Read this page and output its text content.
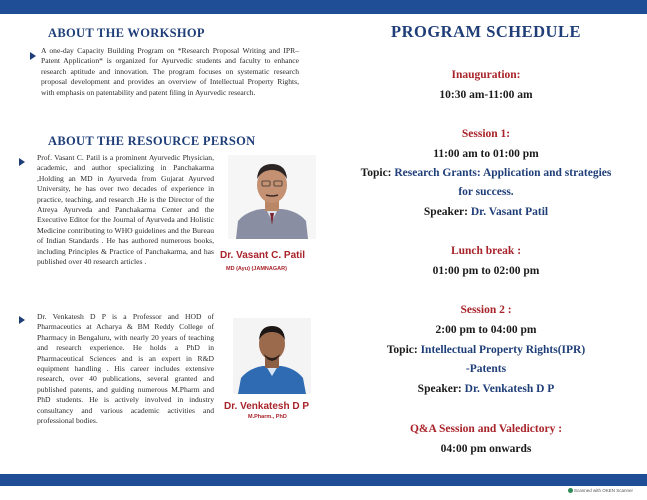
ABOUT THE WORKSHOP
A one-day Capacity Building Program on *Research Proposal Writing and IPR–Patent Application* is organized for Ayurvedic students and faculty to enhance research aptitude and innovation. The program focuses on systematic research proposal development and provides an overview of Intellectual Property Rights, with emphasis on patentability and patent filing in Ayurvedic research.
ABOUT THE RESOURCE PERSON
Prof. Vasant C. Patil is a prominent Ayurvedic Physician, academic, and author specializing in Panchakarma ,Holding an MD in Ayurveda from Gujarat Ayurved University, he has over two decades of experience in practice, teaching, and research .He is the Director of the Atreya Ayurveda and Panchakarma Center and the Executive Editor for the Journal of Ayurveda and Holistic Medicine contributing to WHO guidelines and the Bureau of Indian Standards . He has authored numerous books, including Principles & Practice of Panchakarma, and has published over 40 research articles .
Dr. Vasant C. Patil
MD (Ayu) (JAMNAGAR)
Dr. Venkatesh D P is a Professor and HOD of Pharmaceutics at Acharya & BM Reddy College of Pharmacy in Bengaluru, with nearly 20 years of teaching and research experience. He holds a PhD in Pharmaceutical Sciences and is an expert in R&D equipment handling . His career includes extensive research, over 40 publications, several granted and published patents, and guiding numerous M.Pharm and PhD students. He is actively involved in industry consultancy and various academic activities and professional bodies.
Dr. Venkatesh D P
M.Pharm., PhD
PROGRAM SCHEDULE
Inauguration:
10:30 am-11:00 am
Session 1:
11:00 am to 01:00 pm
Topic: Research Grants: Application and strategies
for success.
Speaker: Dr. Vasant Patil
Lunch break :
01:00 pm to 02:00 pm
Session 2 :
2:00 pm to 04:00 pm
Topic: Intellectual Property Rights(IPR)
-Patents
Speaker: Dr. Venkatesh D P
Q&A Session and Valedictory :
04:00 pm onwards
Scanned with OKEN Scanner
